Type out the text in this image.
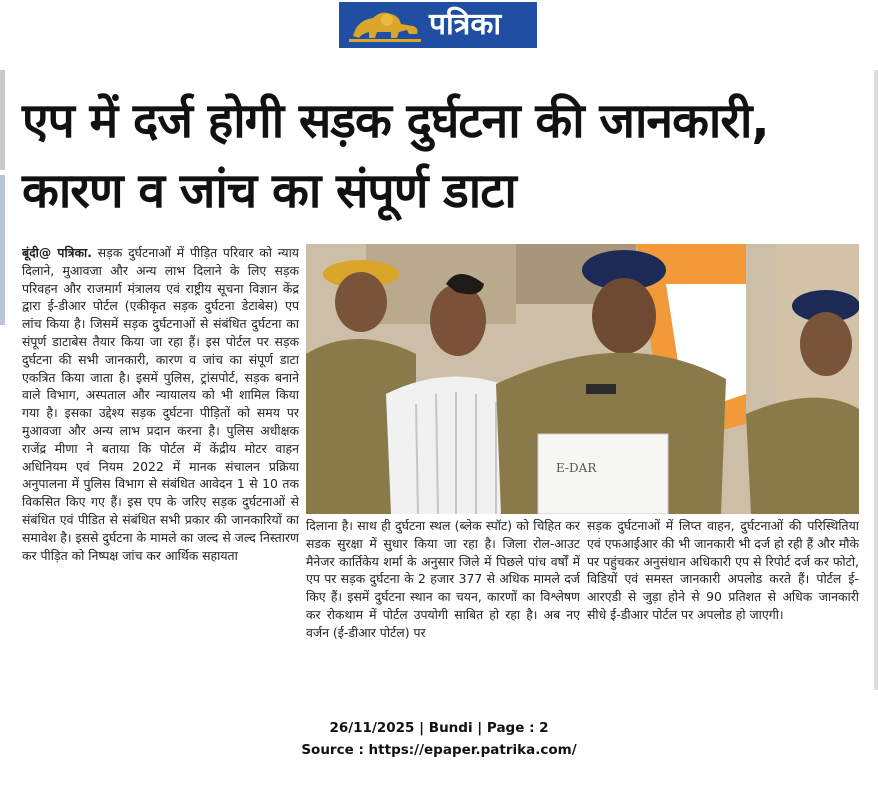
पत्रिका
एप में दर्ज होगी सड़क दुर्घटना की जानकारी, कारण व जांच का संपूर्ण डाटा
बूंदी@ पत्रिका. सड़क दुर्घटनाओं में पीड़ित परिवार को न्याय दिलाने, मुआवजा और अन्य लाभ दिलाने के लिए सड़क परिवहन और राजमार्ग मंत्रालय एवं राष्ट्रीय सूचना विज्ञान केंद्र द्वारा ई-डीआर पोर्टल (एकीकृत सड़क दुर्घटना डेटाबेस) एप लांच किया है। जिसमें सड़क दुर्घटनाओं से संबंधित दुर्घटना का संपूर्ण डाटाबेस तैयार किया जा रहा हैं। इस पोर्टल पर सड़क दुर्घटना की सभी जानकारी, कारण व जांच का संपूर्ण डाटा एकत्रित किया जाता है। इसमें पुलिस, ट्रांसपोर्ट, सड़क बनाने वाले विभाग, अस्पताल और न्यायालय को भी शामिल किया गया है। इसका उद्देश्य सड़क दुर्घटना पीड़ितों को समय पर मुआवजा और अन्य लाभ प्रदान करना है। पुलिस अधीक्षक राजेंद्र मीणा ने बताया कि पोर्टल में केंद्रीय मोटर वाहन अधिनियम एवं नियम 2022 में मानक संचालन प्रक्रिया अनुपालना में पुलिस विभाग से संबंधित आवेदन 1 से 10 तक विकसित किए गए हैं। इस एप के जरिए सड़क दुर्घटनाओं से संबंधित एवं पीडित से संबंधित सभी प्रकार की जानकारियों का समावेश है। इससे दुर्घटना के मामले का जल्द से जल्द निस्तारण कर पीड़ित को निष्पक्ष जांच कर आर्थिक सहायता
E-DAR
दिलाना है। साथ ही दुर्घटना स्थल (ब्लेक स्पॉट) को चिहित कर सडक सुरक्षा में सुधार किया जा रहा है। जिला रोल-आउट मैनेजर कार्तिकेय शर्मा के अनुसार जिले में पिछले पांच वर्षों में एप पर सड़क दुर्घटना के 2 हजार 377 से अधिक मामले दर्ज किए हैं। इसमें दुर्घटना स्थान का चयन, कारणों का विश्लेषण कर रोकथाम में पोर्टल उपयोगी साबित हो रहा है। अब नए वर्जन (ई-डीआर पोर्टल) पर
सड़क दुर्घटनाओं में लिप्त वाहन, दुर्घटनाओं की परिस्थितिया एवं एफआईआर की भी जानकारी भी दर्ज हो रही हैं और मौके पर पहुंचकर अनुसंधान अधिकारी एप से रिपोर्ट दर्ज कर फोटो, विडियों एवं समस्त जानकारी अपलोड करते हैं। पोर्टल ई-आरएडी से जुड़ा होने से 90 प्रतिशत से अधिक जानकारी सीधे ई-डीआर पोर्टल पर अपलोड हो जाएगी।
26/11/2025 | Bundi | Page : 2
Source : https://epaper.patrika.com/
